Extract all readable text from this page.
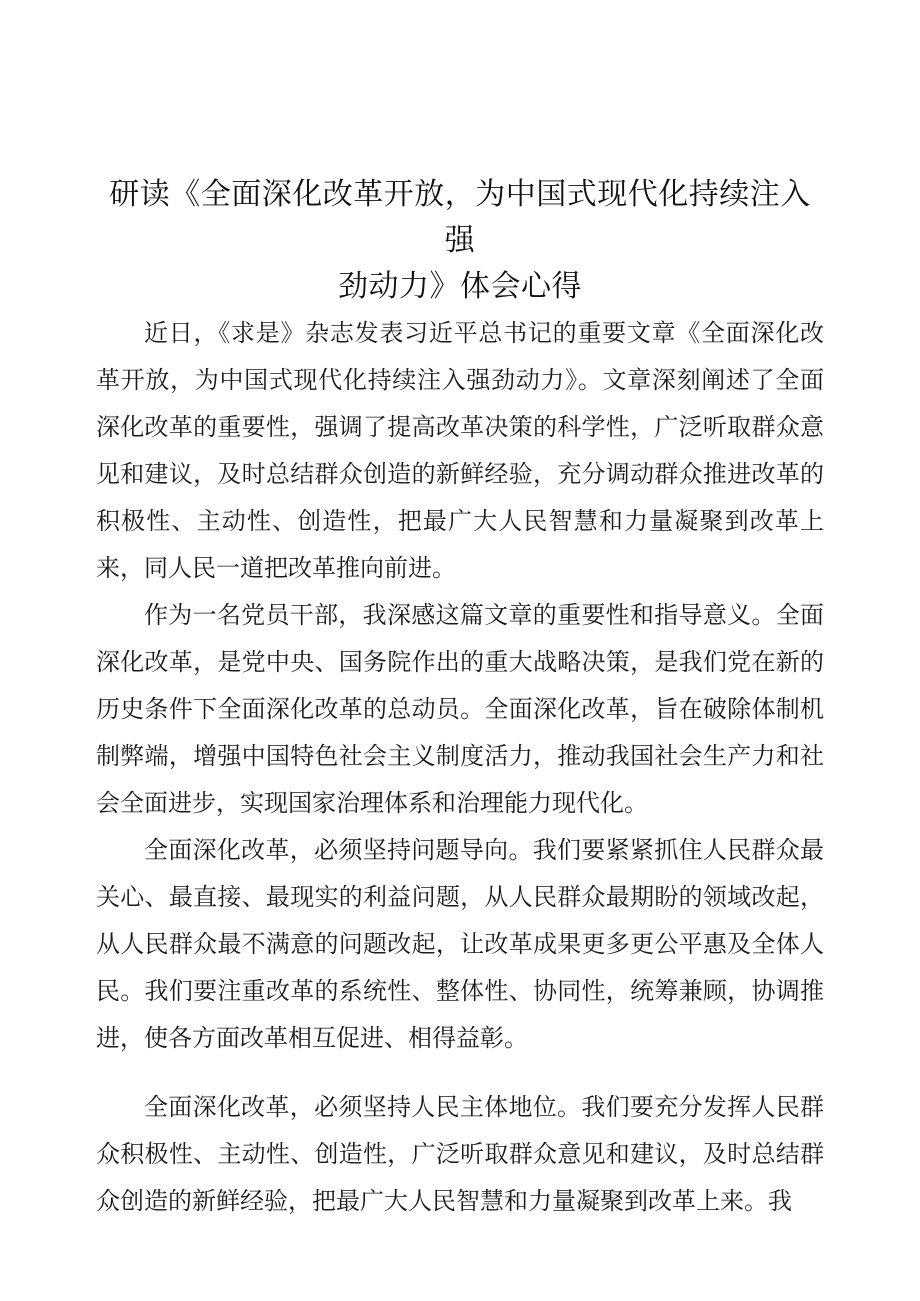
研读《全面深化改革开放，为中国式现代化持续注入强
劲动力》体会心得

近日，《求是》杂志发表习近平总书记的重要文章《全面深化改革开放，为中国式现代化持续注入强劲动力》。文章深刻阐述了全面深化改革的重要性，强调了提高改革决策的科学性，广泛听取群众意见和建议，及时总结群众创造的新鲜经验，充分调动群众推进改革的积极性、主动性、创造性，把最广大人民智慧和力量凝聚到改革上来，同人民一道把改革推向前进。

作为一名党员干部，我深感这篇文章的重要性和指导意义。全面深化改革，是党中央、国务院作出的重大战略决策，是我们党在新的历史条件下全面深化改革的总动员。全面深化改革，旨在破除体制机制弊端，增强中国特色社会主义制度活力，推动我国社会生产力和社会全面进步，实现国家治理体系和治理能力现代化。

全面深化改革，必须坚持问题导向。我们要紧紧抓住人民群众最关心、最直接、最现实的利益问题，从人民群众最期盼的领域改起，从人民群众最不满意的问题改起，让改革成果更多更公平惠及全体人民。我们要注重改革的系统性、整体性、协同性，统筹兼顾，协调推进，使各方面改革相互促进、相得益彰。

全面深化改革，必须坚持人民主体地位。我们要充分发挥人民群众积极性、主动性、创造性，广泛听取群众意见和建议，及时总结群众创造的新鲜经验，把最广大人民智慧和力量凝聚到改革上来。我
